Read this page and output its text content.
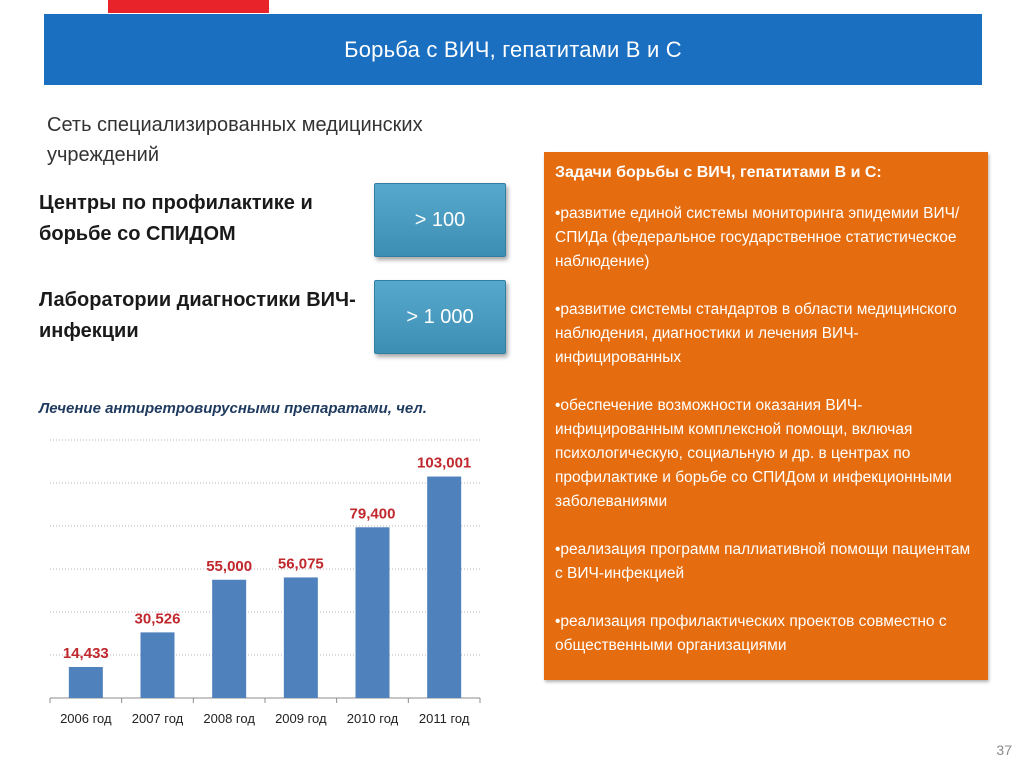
Борьба с ВИЧ, гепатитами В и С
Сеть специализированных медицинских учреждений
Центры по профилактике и борьбе со СПИДОМ
> 100
Лаборатории диагностики ВИЧ-инфекции
> 1 000
Лечение антиретровирусными препаратами, чел.
14,433
2006 год
30,526
2007 год
55,000
2008 год
56,075
2009 год
79,400
2010 год
103,001
2011 год
Задачи борьбы с ВИЧ, гепатитами В и С:
•развитие единой системы мониторинга эпидемии ВИЧ/СПИДа (федеральное государственное статистическое наблюдение)
•развитие системы стандартов в области медицинского наблюдения, диагностики и лечения ВИЧ-инфицированных
•обеспечение возможности оказания ВИЧ-инфицированным комплексной помощи, включая психологическую, социальную и др. в центрах по профилактике и борьбе со СПИДом и инфекционными заболеваниями
•реализация программ паллиативной помощи пациентам с ВИЧ-инфекцией
•реализация профилактических проектов совместно с общественными организациями
37
